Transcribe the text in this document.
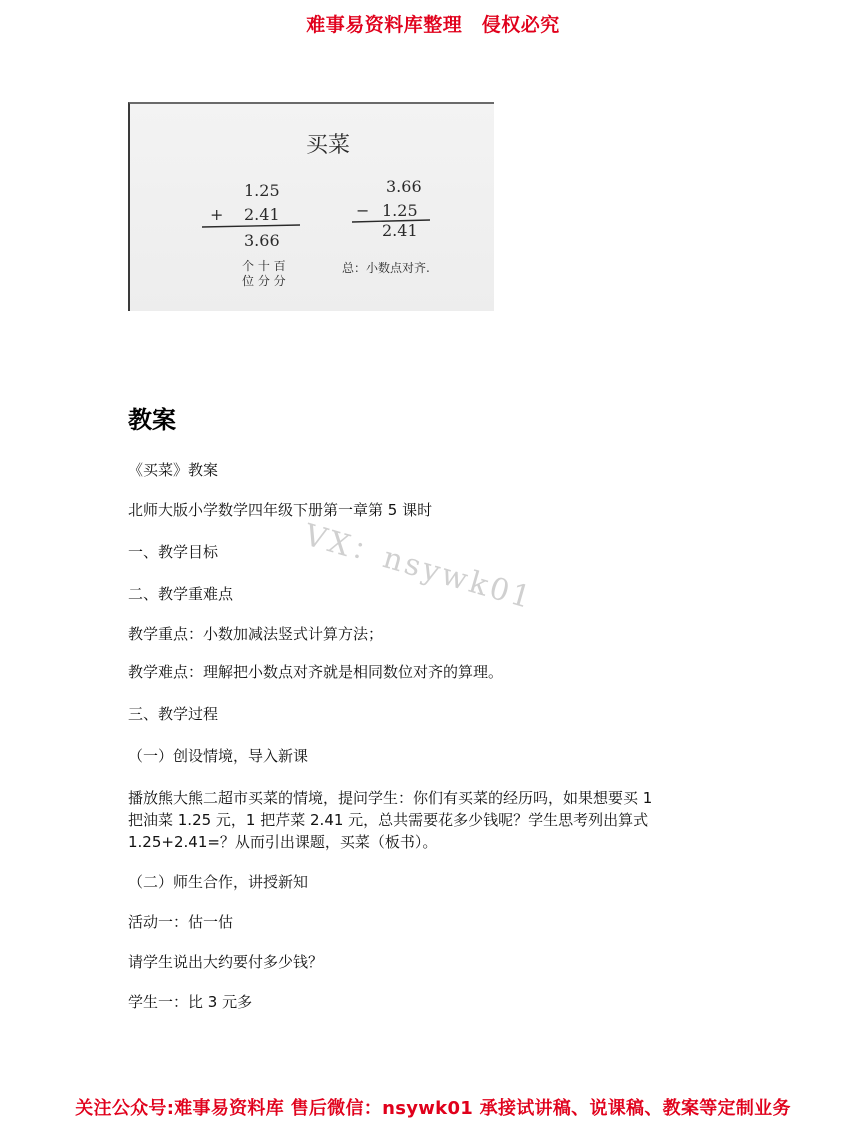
难事易资料库整理　侵权必究
买菜
1.25
+ 2.41
3.66
个 十 百
位 分 分
3.66
− 1.25
2.41
总：小数点对齐.
教案
《买菜》教案
北师大版小学数学四年级下册第一章第 5 课时
一、教学目标
二、教学重难点
教学重点：小数加减法竖式计算方法；
教学难点：理解把小数点对齐就是相同数位对齐的算理。
三、教学过程
（一）创设情境，导入新课
播放熊大熊二超市买菜的情境，提问学生：你们有买菜的经历吗，如果想要买 1
把油菜 1.25 元，1 把芹菜 2.41 元，总共需要花多少钱呢？学生思考列出算式
1.25+2.41=？从而引出课题，买菜（板书）。
（二）师生合作，讲授新知
活动一：估一估
请学生说出大约要付多少钱？
学生一：比 3 元多
VX：nsywk01
关注公众号:难事易资料库 售后微信：nsywk01 承接试讲稿、说课稿、教案等定制业务
